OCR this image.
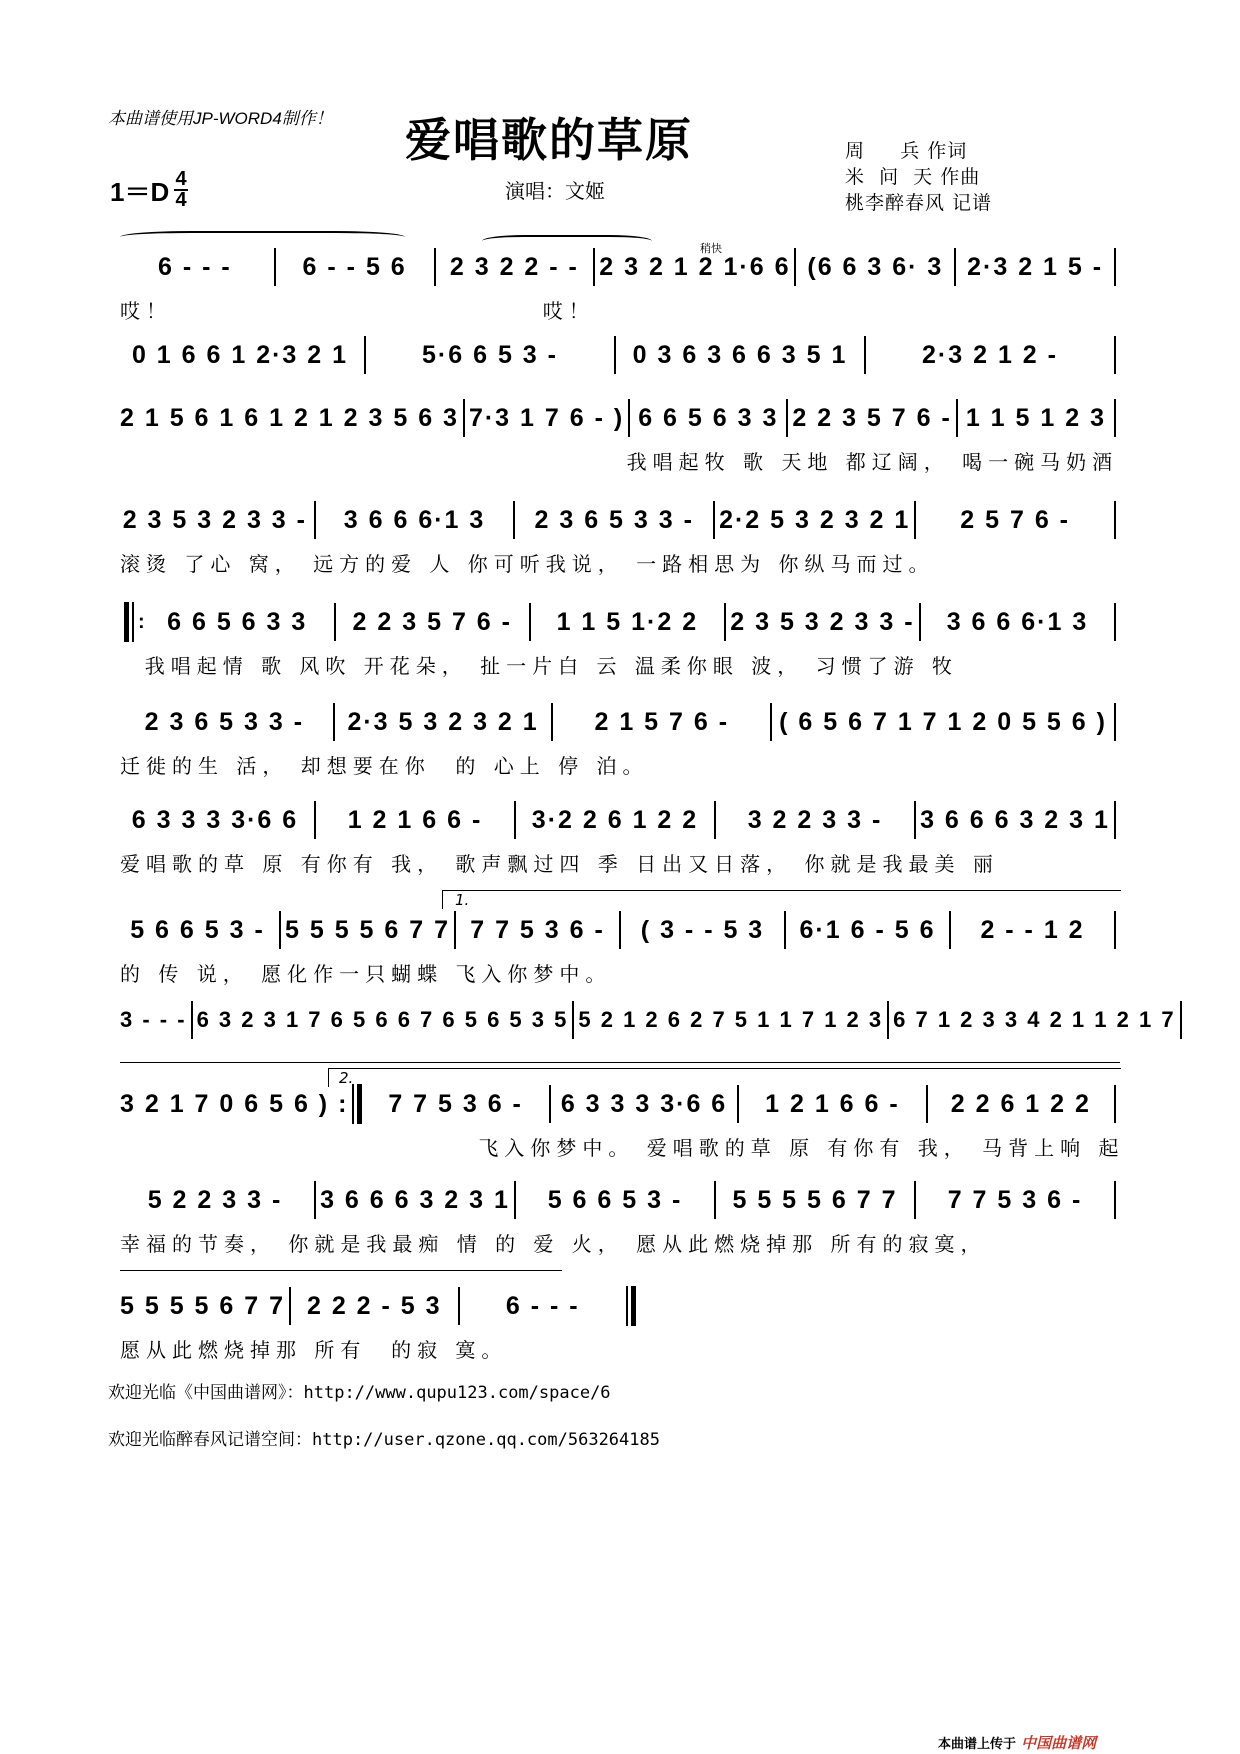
本曲谱使用JP-WORD4制作！ 爱唱歌的草原	周     兵 作词
米  问  天 作曲
桃李醉春风 记谱
1＝D 4
4	演唱：文姬
稍快
6 - - -	6 - - 5 6	2 3 2 2 - - 2 3 2 1 2 1·6 6 (6 6 3 6· 3 2·3 2 1 5 -
哎！                              哎！
0 1 6 6 1 2·3 2 1	5·6 6 5 3 -	0 3 6 3 6 6 3 5 1	2·3 2 1 2 -
2 1 5 6 1 6 1 2 1 2 3 5 6 3 7·3 1 7 6 - ) 6 6 5 6 3 3 2 2 3 5 7 6 - 1 1 5 1 2 3
我唱起牧 歌 天地 都辽阔， 喝一碗马奶酒
2 3 5 3 2 3 3 -	3 6 6 6·1 3	2 3 6 5 3 3 -	2·2 5 3 2 3 2 1	2 5 7 6 -
滚烫 了心 窝， 远方的爱 人 你可听我说， 一路相思为 你纵马而过。
: 6 6 5 6 3 3	2 2 3 5 7 6 -	1 1 5 1·2 2	2 3 5 3 2 3 3 -	3 6 6 6·1 3
我唱起情 歌 风吹 开花朵， 扯一片白 云 温柔你眼 波， 习惯了游 牧
2 3 6 5 3 3 -	2·3 5 3 2 3 2 1	2 1 5 7 6 -	( 6 5 6 7 1 7 1 2 0 5 5 6 )
迁徙的生 活， 却想要在你  的 心上 停 泊。
6 3 3 3 3·6 6	1 2 1 6 6 -	3·2 2 6 1 2 2	3 2 2 3 3 -	3 6 6 6 3 2 3 1
爱唱歌的草 原 有你有 我， 歌声飘过四 季 日出又日落， 你就是我最美 丽
1.
5 6 6 5 3 - 5 5 5 5 6 7 7 7 7 5 3 6 -	( 3 - - 5 3	6·1 6 - 5 6	2 - - 1 2
的 传 说， 愿化作一只蝴蝶 飞入你梦中。
3 - - - 6 3 2 3 1 7 6 5 6 6 7 6 5 6 5 3 5 5 2 1 2 6 2 7 5 1 1 7 1 2 3 6 7 1 2 3 3 4 2 1 1 2 1 7
2.
3 2 1 7 0 6 5 6 ) :	7 7 5 3 6 -	6 3 3 3 3·6 6	1 2 1 6 6 -	2 2 6 1 2 2
飞入你梦中。 爱唱歌的草 原 有你有 我， 马背上响 起
5 2 2 3 3 -	3 6 6 6 3 2 3 1	5 6 6 5 3 -	5 5 5 5 6 7 7	7 7 5 3 6 -
幸福的节奏， 你就是我最痴 情 的 爱 火， 愿从此燃烧掉那 所有的寂寞，
5 5 5 5 6 7 7 2 2 2 - 5 3	6 - - -
愿从此燃烧掉那 所有  的寂 寞。
欢迎光临《中国曲谱网》：http://www.qupu123.com/space/6
欢迎光临醉春风记谱空间：http://user.qzone.qq.com/563264185
本曲谱上传于 中国曲谱网
